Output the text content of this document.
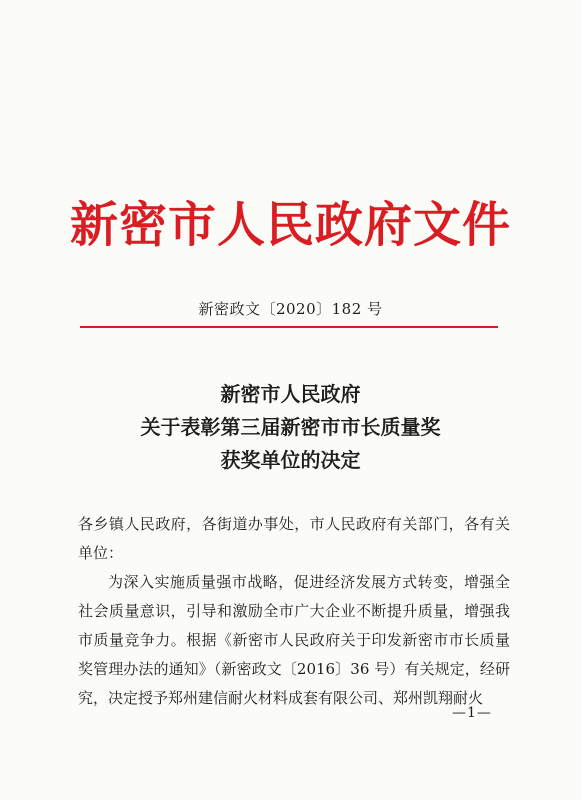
新密市人民政府文件
新密政文〔2020〕182 号
新密市人民政府
关于表彰第三届新密市市长质量奖
获奖单位的决定

各乡镇人民政府，各街道办事处，市人民政府有关部门，各有关单位：

为深入实施质量强市战略，促进经济发展方式转变，增强全社会质量意识，引导和激励全市广大企业不断提升质量，增强我市质量竞争力。根据《新密市人民政府关于印发新密市市长质量奖管理办法的通知》（新密政文〔2016〕36 号）有关规定，经研究，决定授予郑州建信耐火材料成套有限公司、郑州凯翔耐火

—1—
